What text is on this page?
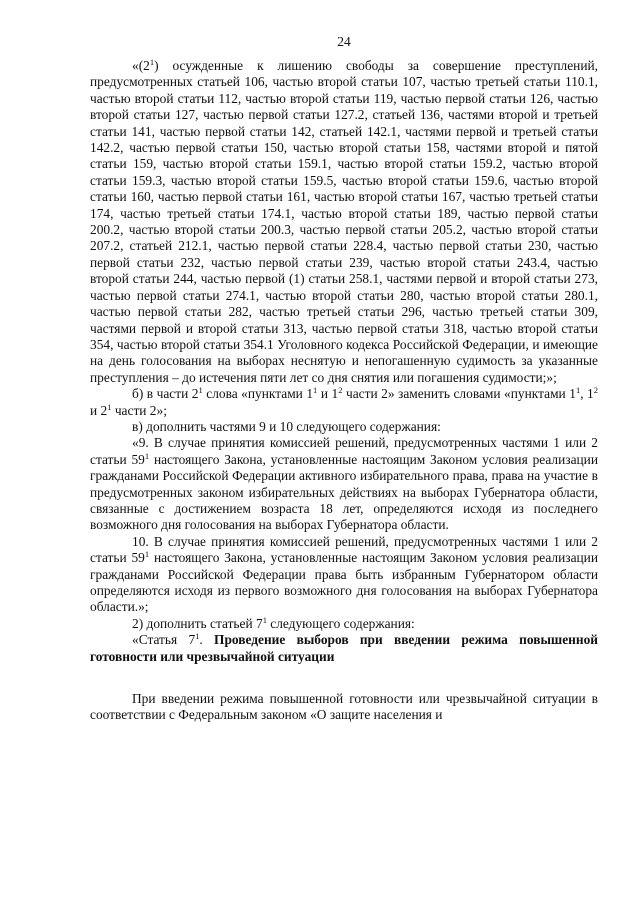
24

«$(2^1)$ осужденные к лишению свободы за совершение преступлений, предусмотренных статьей 106, частью второй статьи 107, частью третьей статьи 110.1, частью второй статьи 112, частью второй статьи 119, частью первой статьи 126, частью второй статьи 127, частью первой статьи 127.2, статьей 136, частями второй и третьей статьи 141, частью первой статьи 142, статьей 142.1, частями первой и третьей статьи 142.2, частью первой статьи 150, частью второй статьи 158, частями второй и пятой статьи 159, частью второй статьи 159.1, частью второй статьи 159.2, частью второй статьи 159.3, частью второй статьи 159.5, частью второй статьи 159.6, частью второй статьи 160, частью первой статьи 161, частью второй статьи 167, частью третьей статьи 174, частью третьей статьи 174.1, частью второй статьи 189, частью первой статьи 200.2, частью второй статьи 200.3, частью первой статьи 205.2, частью второй статьи 207.2, статьей 212.1, частью первой статьи 228.4, частью первой статьи 230, частью первой статьи 232, частью первой статьи 239, частью второй статьи 243.4, частью второй статьи 244, частью первой (1) статьи 258.1, частями первой и второй статьи 273, частью первой статьи 274.1, частью второй статьи 280, частью второй статьи 280.1, частью первой статьи 282, частью третьей статьи 296, частью третьей статьи 309, частями первой и второй статьи 313, частью первой статьи 318, частью второй статьи 354, частью второй статьи 354.1 Уголовного кодекса Российской Федерации, и имеющие на день голосования на выборах неснятую и непогашенную судимость за указанные преступления – до истечения пяти лет со дня снятия или погашения судимости;»;

б) в части $2^1$ слова «пунктами $1^1$ и $1^2$ части 2» заменить словами «пунктами $1^1$, $1^2$ и $2^1$ части 2»;

в) дополнить частями 9 и 10 следующего содержания:

«9. В случае принятия комиссией решений, предусмотренных частями 1 или 2 статьи $59^1$ настоящего Закона, установленные настоящим Законом условия реализации гражданами Российской Федерации активного избирательного права, права на участие в предусмотренных законом избирательных действиях на выборах Губернатора области, связанные с достижением возраста 18 лет, определяются исходя из последнего возможного дня голосования на выборах Губернатора области.

10. В случае принятия комиссией решений, предусмотренных частями 1 или 2 статьи $59^1$ настоящего Закона, установленные настоящим Законом условия реализации гражданами Российской Федерации права быть избранным Губернатором области определяются исходя из первого возможного дня голосования на выборах Губернатора области.»;

2) дополнить статьей $7^1$ следующего содержания:

«Статья $7^1$. Проведение выборов при введении режима повышенной готовности или чрезвычайной ситуации

При введении режима повышенной готовности или чрезвычайной ситуации в соответствии с Федеральным законом «О защите населения и
